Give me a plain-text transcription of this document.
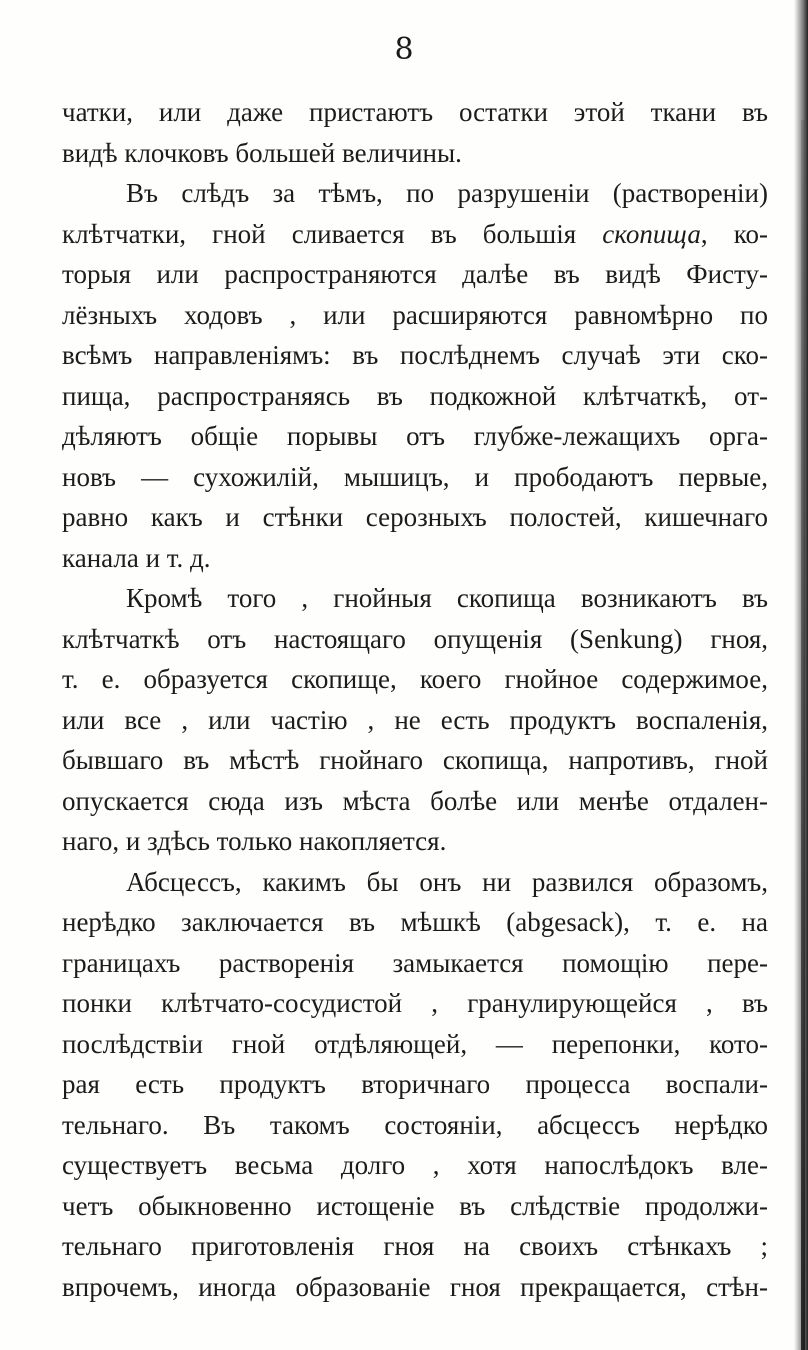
8
чатки, или даже пристаютъ остатки этой ткани въ
видѣ клочковъ большей величины.
Въ слѣдъ за тѣмъ, по разрушеніи (раствореніи)
клѣтчатки, гной сливается въ большія скопища, ко-
торыя или распространяются далѣе въ видѣ Фисту-
лёзныхъ ходовъ , или расширяются равномѣрно по
всѣмъ направленіямъ: въ послѣднемъ случаѣ эти ско-
пища, распространяясь въ подкожной клѣтчаткѣ, от-
дѣляютъ общіе порывы отъ глубже-лежащихъ орга-
новъ — сухожилій, мышицъ, и прободаютъ первые,
равно какъ и стѣнки серозныхъ полостей, кишечнаго
канала и т. д.
Кромѣ того , гнойныя скопища возникаютъ въ
клѣтчаткѣ отъ настоящаго опущенія (Senkung) гноя,
т. е. образуется скопище, коего гнойное содержимое,
или все , или частію , не есть продуктъ воспаленія,
бывшаго въ мѣстѣ гнойнаго скопища, напротивъ, гной
опускается сюда изъ мѣста болѣе или менѣе отдален-
наго, и здѣсь только накопляется.
Абсцессъ, какимъ бы онъ ни развился образомъ,
нерѣдко заключается въ мѣшкѣ (abgesack), т. е. на
границахъ растворенія замыкается помощію пере-
понки клѣтчато-сосудистой , гранулирующейся , въ
послѣдствіи гной отдѣляющей, — перепонки, кото-
рая есть продуктъ вторичнаго процесса воспали-
тельнаго. Въ такомъ состояніи, абсцессъ нерѣдко
существуетъ весьма долго , хотя напослѣдокъ вле-
четъ обыкновенно истощеніе въ слѣдствіе продолжи-
тельнаго приготовленія гноя на своихъ стѣнкахъ ;
впрочемъ, иногда образованіе гноя прекращается, стѣн-
